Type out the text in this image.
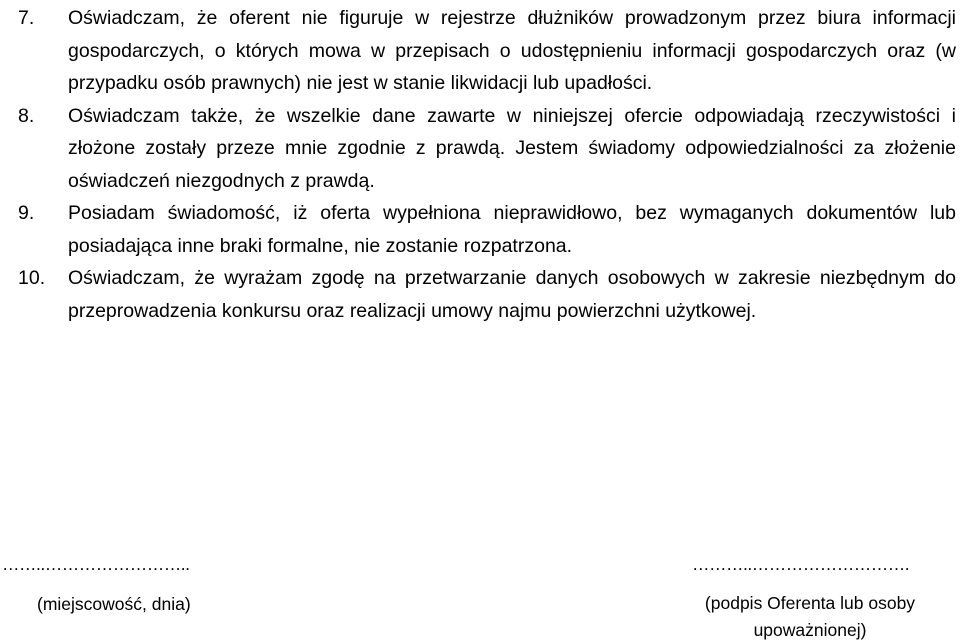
7.	Oświadczam, że oferent nie figuruje w rejestrze dłużników prowadzonym przez biura informacji gospodarczych, o których mowa w przepisach o udostępnieniu informacji gospodarczych oraz (w przypadku osób prawnych) nie jest w stanie likwidacji lub upadłości.
8.	Oświadczam także, że wszelkie dane zawarte w niniejszej ofercie odpowiadają rzeczywistości i złożone zostały przeze mnie zgodnie z prawdą. Jestem świadomy odpowiedzialności za złożenie oświadczeń niezgodnych z prawdą.
9.	Posiadam świadomość, iż oferta wypełniona nieprawidłowo, bez wymaganych dokumentów lub posiadająca inne braki formalne, nie zostanie rozpatrzona.
10.	Oświadczam, że wyrażam zgodę na przetwarzanie danych osobowych w zakresie niezbędnym do przeprowadzenia konkursu oraz realizacji umowy najmu powierzchni użytkowej.
……..……………………..
(miejscowość, dnia)
………..……………………….
(podpis Oferenta lub osoby upoważnionej)
